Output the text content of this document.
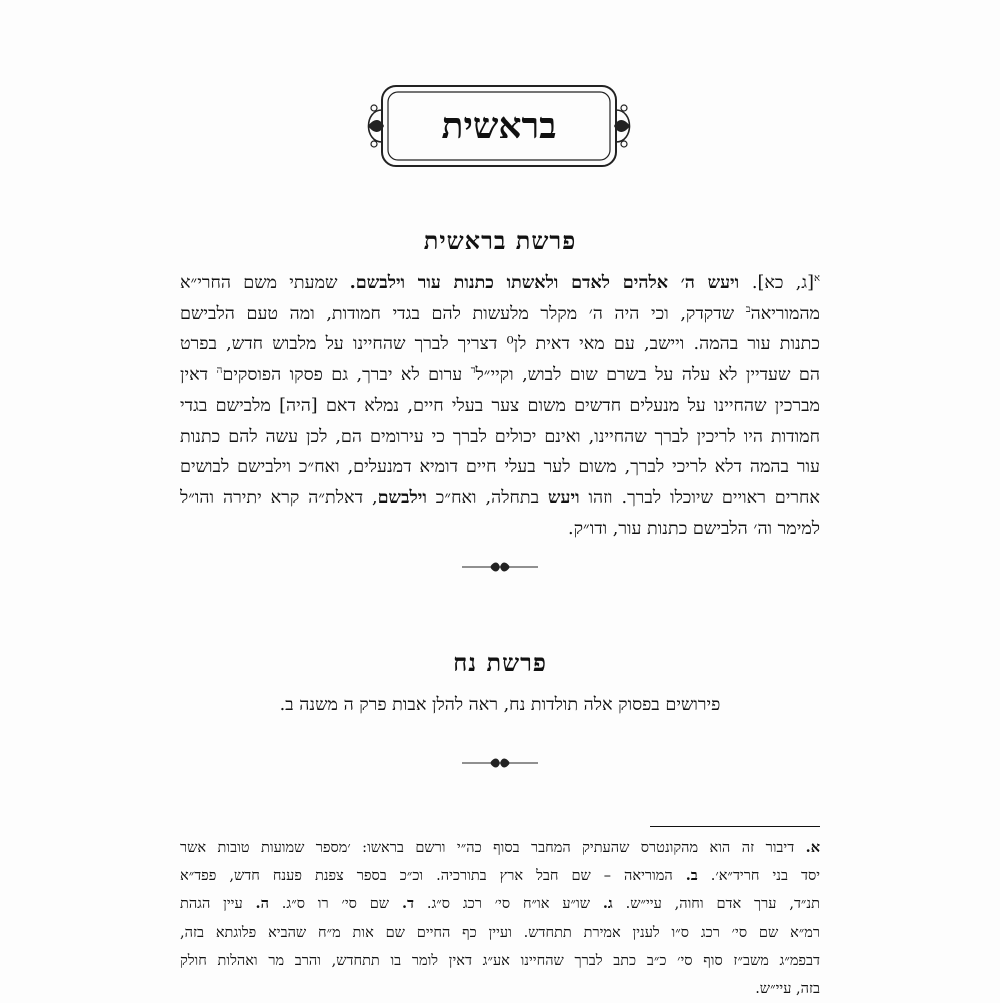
בראשית
פרשת בראשית
$^א$[ג, כא]. ויעש ה׳ אלהים לאדם ולאשתו כתנות עור וילבשם. שמעתי משם החרי״א
מהמוריאה$^ב$ שדקדק, וכי היה ה׳ מקלר מלעשות להם בגדי חמודות, ומה טעם הלבישם
כתנות עור בהמה. ויישב, עם מאי דאית לן⁰ דצריך לברך שהחיינו על מלבוש חדש, בפרט
הם שעדיין לא עלה על בשרם שום לבוש, וקיי״ל$^ד$ ערום לא יברך, גם פסקו הפוסקים$^ה$ דאין
מברכין שהחיינו על מנעלים חדשים משום צער בעלי חיים, נמלא דאם [היה] מלבישם בגדי
חמודות היו לריכין לברך שהחיינו, ואינם יכולים לברך כי עירומים הם, לכן עשה להם כתנות
עור בהמה דלא לריכי לברך, משום לער בעלי חיים דומיא דמנעלים, ואח״כ וילבישם לבושים
אחרים ראויים שיוכלו לברך. וזהו ויעש בתחלה, ואח״כ וילבשם, דאלת״ה קרא יתירה והו״ל
למימר וה׳ הלבישם כתנות עור, ודו״ק.
פרשת נח
פירושים בפסוק אלה תולדות נח, ראה להלן אבות פרק ה משנה ב.
א. דיבור זה הוא מהקונטרס שהעתיק המחבר בסוף כה״י ורשם בראשו: ׳מספר שמועות טובות אשר
יסד בני חריד״א׳. ב. המוריאה – שם חבל ארץ בתורכיה. וכ״כ בספר צפנת פענח חדש, פפד״א
תנ״ד, ערך אדם וחוה, עיי״ש. ג. שו״ע או״ח סי׳ רכג ס״ג. ד. שם סי׳ רו ס״ג. ה. עיין הגהת
רמ״א שם סי׳ רכג ס״ו לענין אמירת תתחדש. ועיין כף החיים שם אות מ״ח שהביא פלוגתא בזה,
דבפמ״ג משב״ז סוף סי׳ כ״ב כתב לברך שהחיינו אע״ג דאין לומר בו תתחדש, והרב מר ואהלות חולק
בזה, עיי״ש.
